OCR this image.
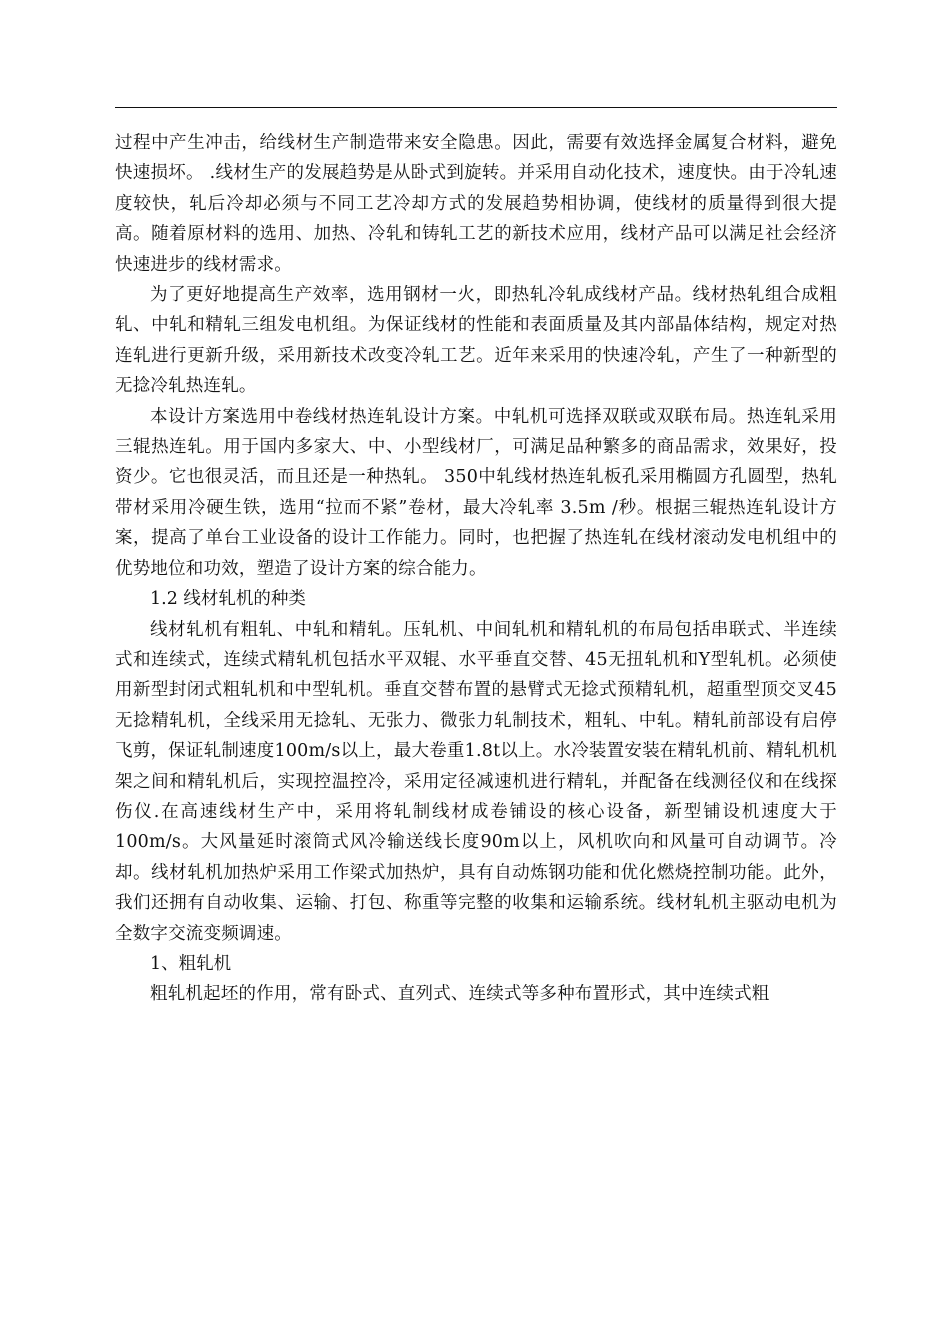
过程中产生冲击，给线材生产制造带来安全隐患。因此，需要有效选择金属复合材料，避免快速损坏。 .线材生产的发展趋势是从卧式到旋转。并采用自动化技术，速度快。由于冷轧速度较快，轧后冷却必须与不同工艺冷却方式的发展趋势相协调，使线材的质量得到很大提高。随着原材料的选用、加热、冷轧和铸轧工艺的新技术应用，线材产品可以满足社会经济快速进步的线材需求。

为了更好地提高生产效率，选用钢材一火，即热轧冷轧成线材产品。线材热轧组合成粗轧、中轧和精轧三组发电机组。为保证线材的性能和表面质量及其内部晶体结构，规定对热连轧进行更新升级，采用新技术改变冷轧工艺。近年来采用的快速冷轧，产生了一种新型的无捻冷轧热连轧。

本设计方案选用中卷线材热连轧设计方案。中轧机可选择双联或双联布局。热连轧采用三辊热连轧。用于国内多家大、中、小型线材厂，可满足品种繁多的商品需求，效果好，投资少。它也很灵活，而且还是一种热轧。 350中轧线材热连轧板孔采用椭圆方孔圆型，热轧带材采用冷硬生铁，选用“拉而不紧”卷材，最大冷轧率 3.5m /秒。根据三辊热连轧设计方案，提高了单台工业设备的设计工作能力。同时，也把握了热连轧在线材滚动发电机组中的优势地位和功效，塑造了设计方案的综合能力。

1.2 线材轧机的种类

线材轧机有粗轧、中轧和精轧。压轧机、中间轧机和精轧机的布局包括串联式、半连续式和连续式，连续式精轧机包括水平双辊、水平垂直交替、45无扭轧机和Y型轧机。必须使用新型封闭式粗轧机和中型轧机。垂直交替布置的悬臂式无捻式预精轧机，超重型顶交叉45无捻精轧机，全线采用无捻轧、无张力、微张力轧制技术，粗轧、中轧。精轧前部设有启停飞剪，保证轧制速度100m/s以上，最大卷重1.8t以上。水冷装置安装在精轧机前、精轧机机架之间和精轧机后，实现控温控冷，采用定径减速机进行精轧，并配备在线测径仪和在线探伤仪.在高速线材生产中，采用将轧制线材成卷铺设的核心设备，新型铺设机速度大于100m/s。大风量延时滚筒式风冷输送线长度90m以上，风机吹向和风量可自动调节。冷却。线材轧机加热炉采用工作梁式加热炉，具有自动炼钢功能和优化燃烧控制功能。此外，我们还拥有自动收集、运输、打包、称重等完整的收集和运输系统。线材轧机主驱动电机为全数字交流变频调速。

1、粗轧机

粗轧机起坯的作用，常有卧式、直列式、连续式等多种布置形式，其中连续式粗
